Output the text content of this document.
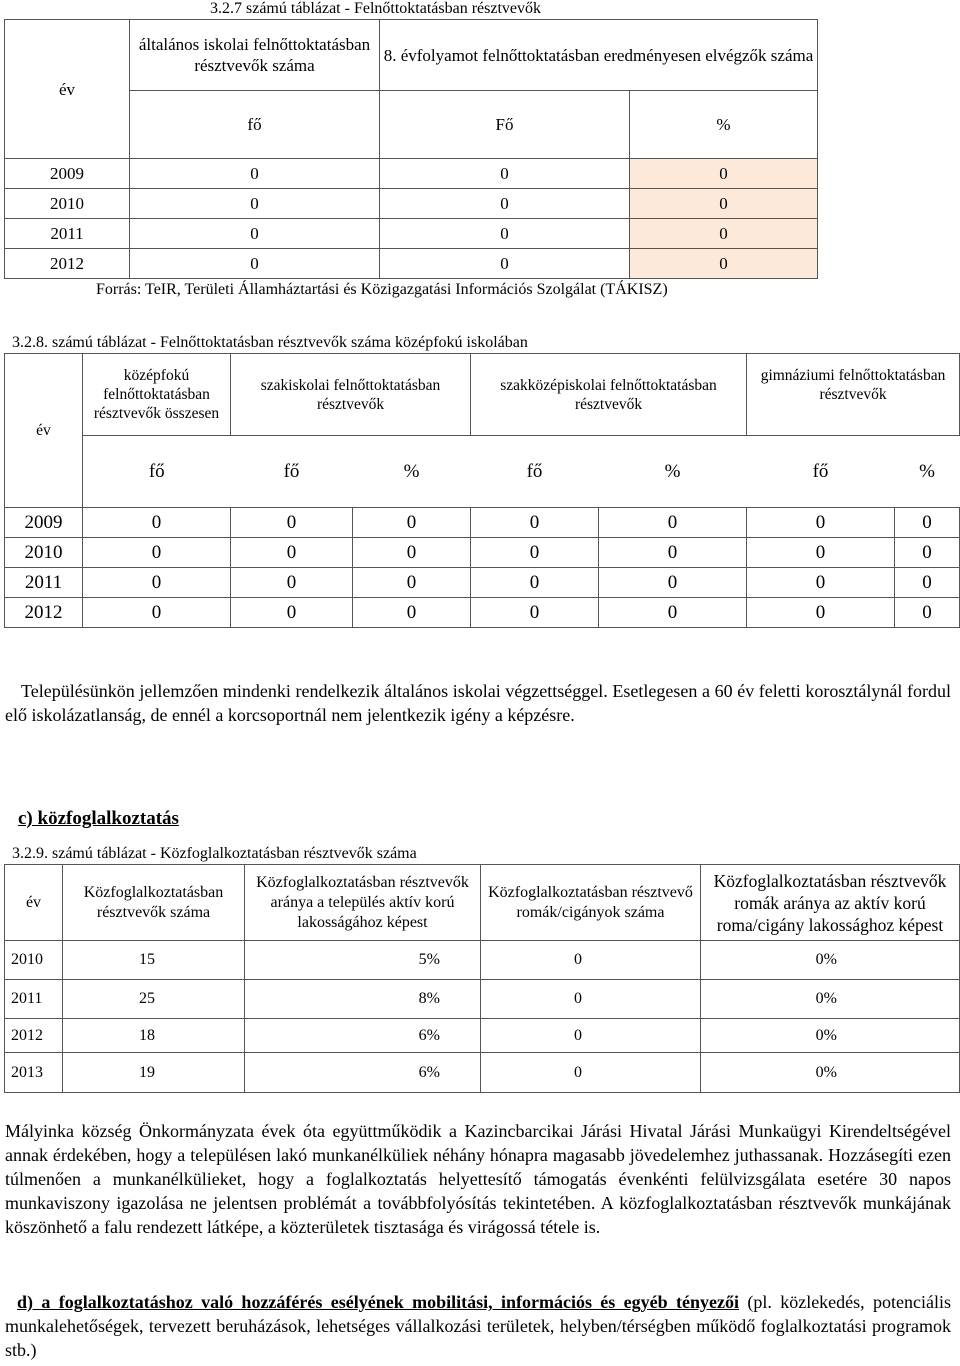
3.2.7 számú táblázat - Felnőttoktatásban résztvevők
év	általános iskolai felnőttoktatásban résztvevők száma	8. évfolyamot felnőttoktatásban eredményesen elvégzők száma	
	fő	Fő	%
2009	0	0	0
2010	0	0	0
2011	0	0	0
2012	0	0	0
Forrás: TeIR, Területi Államháztartási és Közigazgatási Információs Szolgálat (TÁKISZ)
3.2.8. számú táblázat - Felnőttoktatásban résztvevők száma középfokú iskolában
év	középfokú felnőttoktatásban résztvevők összesen	szakiskolai felnőttoktatásban résztvevők		szakközépiskolai felnőttoktatásban résztvevők		gimnáziumi felnőttoktatásban résztvevők	
	fő	fő	%	fő	%	fő	%
2009	0	0	0	0	0	0	0
2010	0	0	0	0	0	0	0
2011	0	0	0	0	0	0	0
2012	0	0	0	0	0	0	0
Településünkön jellemzően mindenki rendelkezik általános iskolai végzettséggel. Esetlegesen a 60 év feletti korosztálynál fordul elő iskolázatlanság, de ennél a korcsoportnál nem jelentkezik igény a képzésre.
c) közfoglalkoztatás
3.2.9. számú táblázat - Közfoglalkoztatásban résztvevők száma
év	Közfoglalkoztatásban résztvevők száma	Közfoglalkoztatásban résztvevők aránya a település aktív korú lakosságához képest	Közfoglalkoztatásban résztvevő romák/cigányok száma	Közfoglalkoztatásban résztvevők romák aránya az aktív korú roma/cigány lakossághoz képest
2010	15	5%	0	0%
2011	25	8%	0	0%
2012	18	6%	0	0%
2013	19	6%	0	0%
Mályinka község Önkormányzata évek óta együttműködik a Kazincbarcikai Járási Hivatal Járási Munkaügyi Kirendeltségével annak érdekében, hogy a településen lakó munkanélküliek néhány hónapra magasabb jövedelemhez juthassanak. Hozzásegíti ezen túlmenően a munkanélkülieket, hogy a foglalkoztatás helyettesítő támogatás évenkénti felülvizsgálata esetére 30 napos munkaviszony igazolása ne jelentsen problémát a továbbfolyósítás tekintetében. A közfoglalkoztatásban résztvevők munkájának köszönhető a falu rendezett látképe, a közterületek tisztasága és virágossá tétele is.
d) a foglalkoztatáshoz való hozzáférés esélyének mobilitási, információs és egyéb tényezői (pl. közlekedés, potenciális munkalehetőségek, tervezett beruházások, lehetséges vállalkozási területek, helyben/térségben működő foglalkoztatási programok stb.)
